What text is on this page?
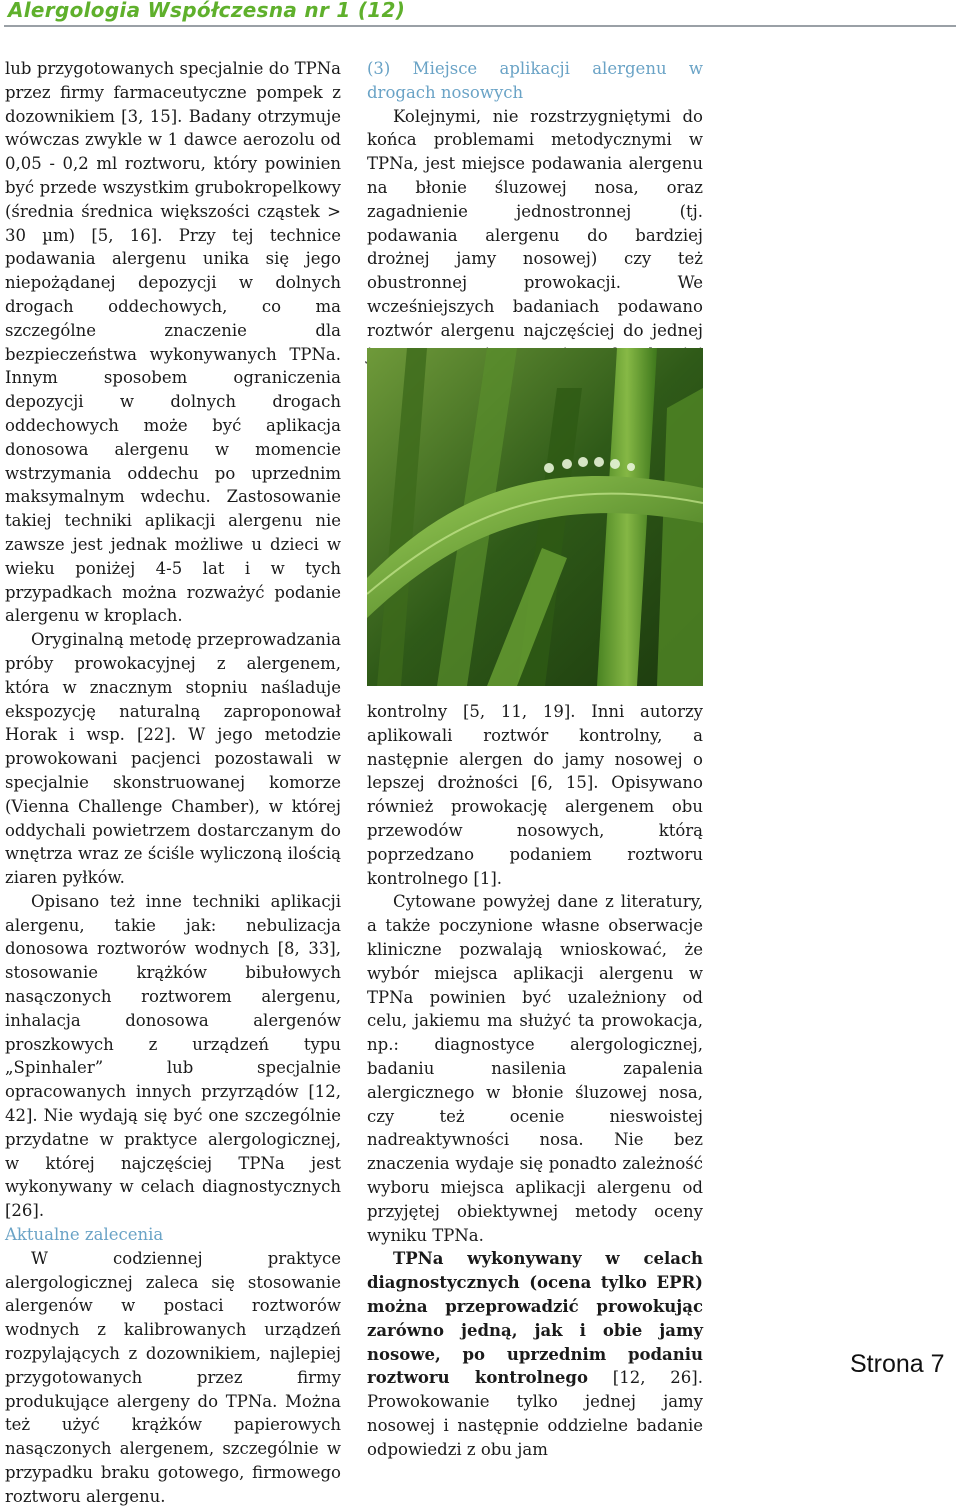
Alergologia Współczesna nr 1 (12)

lub przygotowanych specjalnie do TPNa przez firmy farmaceutyczne pompek z dozownikiem [3, 15]. Badany otrzymuje wówczas zwykle w 1 dawce aerozolu od 0,05 - 0,2 ml roztworu, który powinien być przede wszystkim grubokropelkowy (średnia średnica większości cząstek > 30 µm) [5, 16]. Przy tej technice podawania alergenu unika się jego niepożądanej depozycji w dolnych drogach oddechowych, co ma szczególne znaczenie dla bezpieczeństwa wykonywanych TPNa. Innym sposobem ograniczenia depozycji w dolnych drogach oddechowych może być aplikacja donosowa alergenu w momencie wstrzymania oddechu po uprzednim maksymalnym wdechu. Zastosowanie takiej techniki aplikacji alergenu nie zawsze jest jednak możliwe u dzieci w wieku poniżej 4-5 lat i w tych przypadkach można rozważyć podanie alergenu w kroplach.

Oryginalną metodę przeprowadzania próby prowokacyjnej z alergenem, która w znacznym stopniu naśladuje ekspozycję naturalną zaproponował Horak i wsp. [22]. W jego metodzie prowokowani pacjenci pozostawali w specjalnie skonstruowanej komorze (Vienna Challenge Chamber), w której oddychali powietrzem dostarczanym do wnętrza wraz ze ściśle wyliczoną ilością ziaren pyłków.

Opisano też inne techniki aplikacji alergenu, takie jak: nebulizacja donosowa roztworów wodnych [8, 33], stosowanie krążków bibułowych nasączonych roztworem alergenu, inhalacja donosowa alergenów proszkowych z urządzeń typu „Spinhaler” lub specjalnie opracowanych innych przyrządów [12, 42]. Nie wydają się być one szczególnie przydatne w praktyce alergologicznej, w której najczęściej TPNa jest wykonywany w celach diagnostycznych [26].

Aktualne zalecenia

W codziennej praktyce alergologicznej zaleca się stosowanie alergenów w postaci roztworów wodnych z kalibrowanych urządzeń rozpylających z dozownikiem, najlepiej przygotowanych przez firmy produkujące alergeny do TPNa. Można też użyć krążków papierowych nasączonych alergenem, szczególnie w przypadku braku gotowego, firmowego roztworu alergenu.

(3) Miejsce aplikacji alergenu w drogach nosowych

Kolejnymi, nie rozstrzygniętymi do końca problemami metodycznymi w TPNa, jest miejsce podawania alergenu na błonie śluzowej nosa, oraz zagadnienie jednostronnej (tj. podawania alergenu do bardziej drożnej jamy nosowej) czy też obustronnej prowokacji. We wcześniejszych badaniach podawano roztwór alergenu najczęściej do jednej

kontrolny [5, 11, 19]. Inni autorzy aplikowali roztwór kontrolny, a następnie alergen do jamy nosowej o lepszej drożności [6, 15]. Opisywano również prowokację alergenem obu przewodów nosowych, którą poprzedzano podaniem roztworu kontrolnego [1].

Cytowane powyżej dane z literatury, a także poczynione własne obserwacje kliniczne pozwalają wnioskować, że wybór miejsca aplikacji alergenu w TPNa powinien być uzależniony od celu, jakiemu ma służyć ta prowokacja, np.: diagnostyce alergologicznej, badaniu nasilenia zapalenia alergicznego w błonie śluzowej nosa, czy też ocenie nieswoistej nadreaktywności nosa. Nie bez znaczenia wydaje się ponadto zależność wyboru miejsca aplikacji alergenu od przyjętej obiektywnej metody oceny wyniku TPNa.

TPNa wykonywany w celach diagnostycznych (ocena tylko EPR) można przeprowadzić prowokując zarówno jedną, jak i obie jamy nosowe, po uprzednim podaniu roztworu kontrolnego [12, 26]. Prowokowanie tylko jednej jamy nosowej i następnie oddzielne badanie odpowiedzi z obu jam

Strona 7
